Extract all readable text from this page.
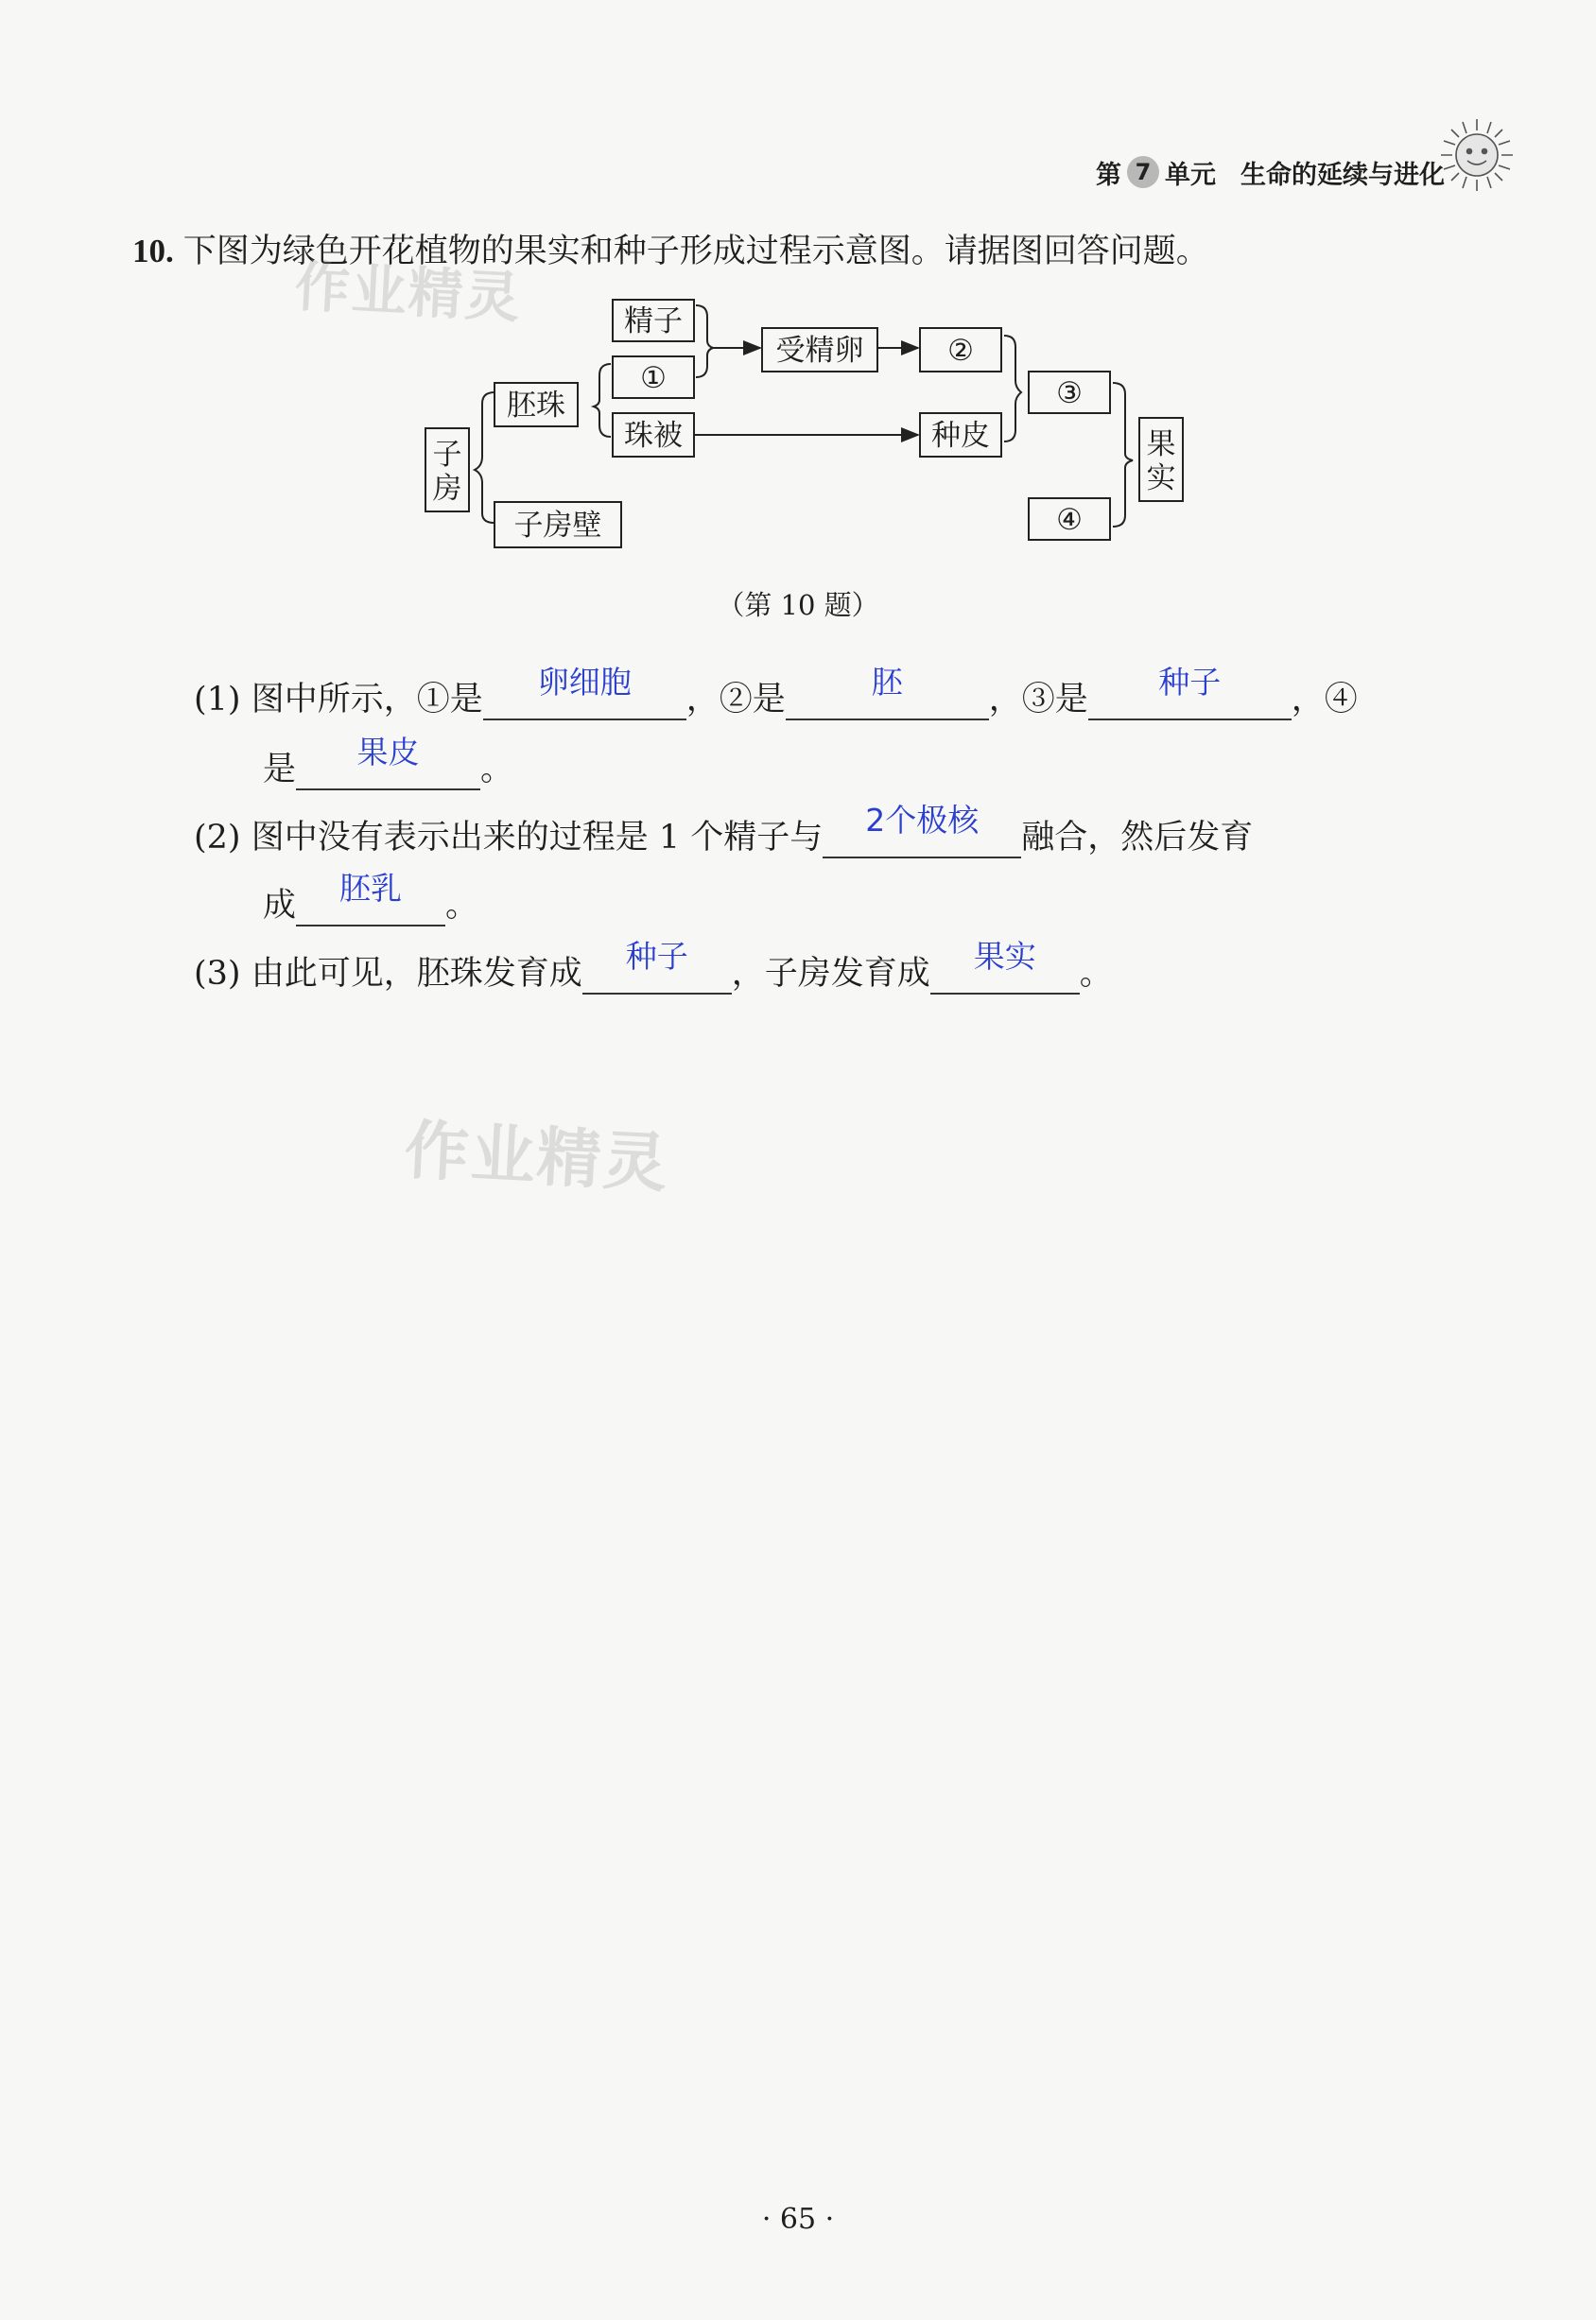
第 7 单元 生命的延续与进化
10. 下图为绿色开花植物的果实和种子形成过程示意图。请据图回答问题。
子
房
胚珠
子房壁
精子
①
珠被
受精卵	②
种皮
③
④
果
实
（第 10 题）
(1) 图中所示，①是 卵细胞 ，②是	胚	，③是 种子 ，④
是 果皮 。
(2) 图中没有表示出来的过程是 1 个精子与 2个极核 融合，然后发育
成 胚乳 。
(3) 由此可见，胚珠发育成 种子 ，子房发育成 果实 。
作业精灵
作业精灵
· 65 ·
